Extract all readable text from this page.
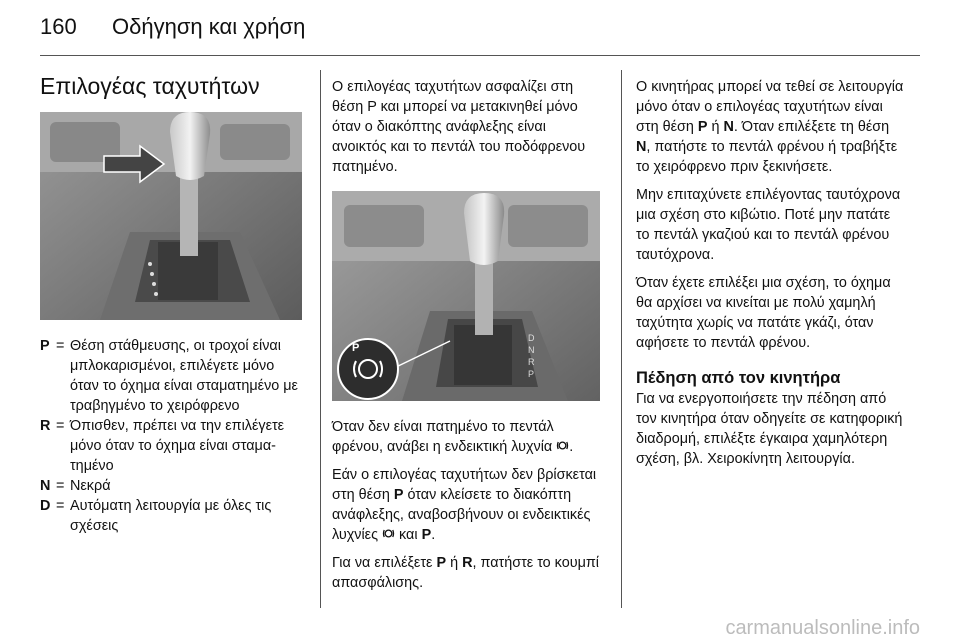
160 Οδήγηση και χρήση
Επιλογέας ταχυτήτων
P = Θέση στάθμευσης, οι τροχοί είναι μπλοκαρισμένοι, επιλέγετε μόνο όταν το όχημα είναι σταματημένο με τραβηγμένο το χειρόφρενο
R = Όπισθεν, πρέπει να την επιλέγετε μόνο όταν το όχημα είναι σταματημένο
N = Νεκρά
D = Αυτόματη λειτουργία με όλες τις σχέσεις

Ο επιλογέας ταχυτήτων ασφαλίζει στη θέση P και μπορεί να μετακινηθεί μόνο όταν ο διακόπτης ανάφλεξης είναι ανοικτός και το πεντάλ του ποδόφρενου πατημένο.

P
D
N
R
P

Όταν δεν είναι πατημένο το πεντάλ φρένου, ανάβει η ενδεικτική λυχνία .

Εάν ο επιλογέας ταχυτήτων δεν βρίσκεται στη θέση P όταν κλείσετε το διακόπτη ανάφλεξης, αναβοσβήνουν οι ενδεικτικές λυχνίες και P.

Για να επιλέξετε P ή R, πατήστε το κουμπί απασφάλισης.

Ο κινητήρας μπορεί να τεθεί σε λειτουργία μόνο όταν ο επιλογέας ταχυτήτων είναι στη θέση P ή N. Όταν επιλέξετε τη θέση N, πατήστε το πεντάλ φρένου ή τραβήξτε το χειρόφρενο πριν ξεκινήσετε.

Μην επιταχύνετε επιλέγοντας ταυτόχρονα μια σχέση στο κιβώτιο. Ποτέ μην πατάτε το πεντάλ γκαζιού και το πεντάλ φρένου ταυτόχρονα.

Όταν έχετε επιλέξει μια σχέση, το όχημα θα αρχίσει να κινείται με πολύ χαμηλή ταχύτητα χωρίς να πατάτε γκάζι, όταν αφήσετε το πεντάλ φρένου.

Πέδηση από τον κινητήρα

Για να ενεργοποιήσετε την πέδηση από τον κινητήρα όταν οδηγείτε σε κατηφορική διαδρομή, επιλέξτε έγκαιρα χαμηλότερη σχέση, βλ. Χειροκίνητη λειτουργία.

carmanualsonline.info
